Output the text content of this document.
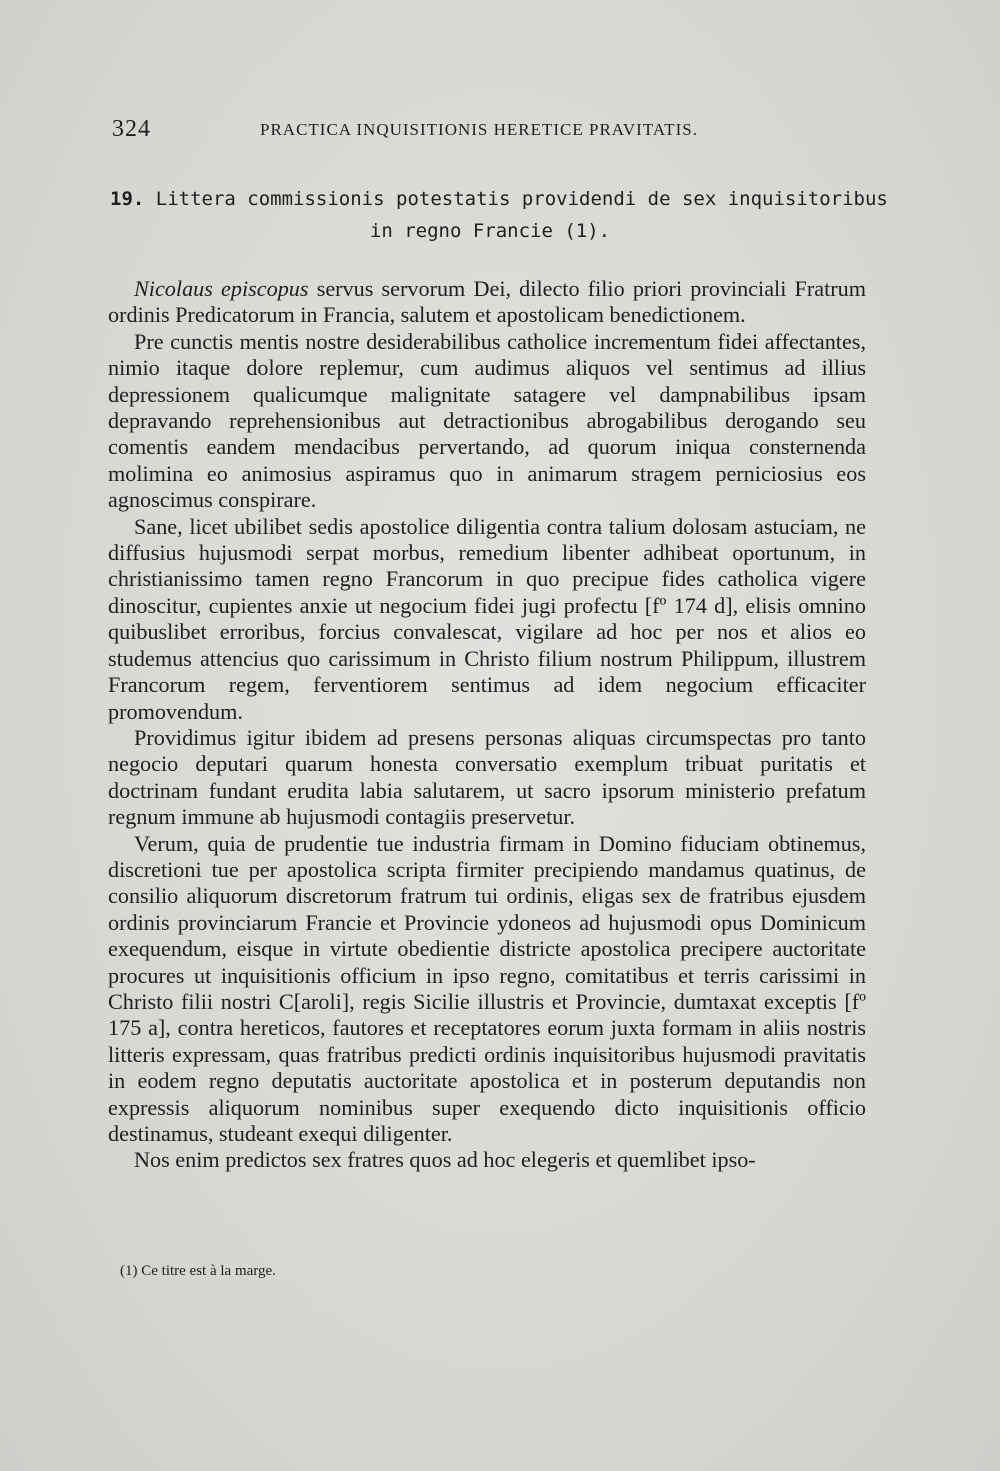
324	PRACTICA INQUISITIONIS HERETICE PRAVITATIS.
19. Littera commissionis potestatis providendi de sex inquisitoribus
in regno Francie (1).

Nicolaus episcopus servus servorum Dei, dilecto filio priori provinciali Fratrum ordinis Predicatorum in Francia, salutem et apostolicam benedictionem.

Pre cunctis mentis nostre desiderabilibus catholice incrementum fidei affectantes, nimio itaque dolore replemur, cum audimus aliquos vel sentimus ad illius depressionem qualicumque malignitate satagere vel dampnabilibus ipsam depravando reprehensionibus aut detractionibus abrogabilibus derogando seu comentis eandem mendacibus pervertando, ad quorum iniqua consternenda molimina eo animosius aspiramus quo in animarum stragem perniciosius eos agnoscimus conspirare.

Sane, licet ubilibet sedis apostolice diligentia contra talium dolosam astuciam, ne diffusius hujusmodi serpat morbus, remedium libenter adhibeat oportunum, in christianissimo tamen regno Francorum in quo precipue fides catholica vigere dinoscitur, cupientes anxie ut negocium fidei jugi profectu [fº 174 d], elisis omnino quibuslibet erroribus, forcius convalescat, vigilare ad hoc per nos et alios eo studemus attencius quo carissimum in Christo filium nostrum Philippum, illustrem Francorum regem, ferventiorem sentimus ad idem negocium efficaciter promovendum.

Providimus igitur ibidem ad presens personas aliquas circumspectas pro tanto negocio deputari quarum honesta conversatio exemplum tribuat puritatis et doctrinam fundant erudita labia salutarem, ut sacro ipsorum ministerio prefatum regnum immune ab hujusmodi contagiis preservetur.

Verum, quia de prudentie tue industria firmam in Domino fiduciam obtinemus, discretioni tue per apostolica scripta firmiter precipiendo mandamus quatinus, de consilio aliquorum discretorum fratrum tui ordinis, eligas sex de fratribus ejusdem ordinis provinciarum Francie et Provincie ydoneos ad hujusmodi opus Dominicum exequendum, eisque in virtute obedientie districte apostolica precipere auctoritate procures ut inquisitionis officium in ipso regno, comitatibus et terris carissimi in Christo filii nostri C[aroli], regis Sicilie illustris et Provincie, dumtaxat exceptis [fº 175 a], contra hereticos, fautores et receptatores eorum juxta formam in aliis nostris litteris expressam, quas fratribus predicti ordinis inquisitoribus hujusmodi pravitatis in eodem regno deputatis auctoritate apostolica et in posterum deputandis non expressis aliquorum nominibus super exequendo dicto inquisitionis officio destinamus, studeant exequi diligenter.

Nos enim predictos sex fratres quos ad hoc elegeris et quemlibet ipso-

(1) Ce titre est à la marge.
